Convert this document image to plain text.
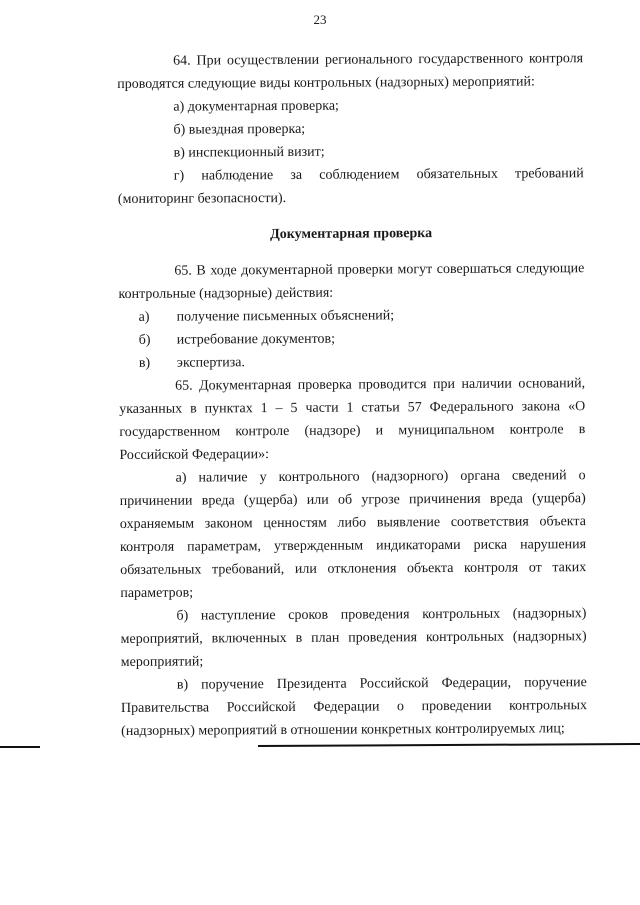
23

64. При осуществлении регионального государственного контроля проводятся следующие виды контрольных (надзорных) мероприятий:

а) документарная проверка;

б) выездная проверка;

в) инспекционный визит;

г) наблюдение за соблюдением обязательных требований (мониторинг безопасности).

Документарная проверка

65. В ходе документарной проверки могут совершаться следующие контрольные (надзорные) действия:

а)	получение письменных объяснений;
б)	истребование документов;
в)	экспертиза.

65. Документарная проверка проводится при наличии оснований, указанных в пунктах 1 – 5 части 1 статьи 57 Федерального закона «О государственном контроле (надзоре) и муниципальном контроле в Российской Федерации»:

а) наличие у контрольного (надзорного) органа сведений о причинении вреда (ущерба) или об угрозе причинения вреда (ущерба) охраняемым законом ценностям либо выявление соответствия объекта контроля параметрам, утвержденным индикаторами риска нарушения обязательных требований, или отклонения объекта контроля от таких параметров;

б) наступление сроков проведения контрольных (надзорных) мероприятий, включенных в план проведения контрольных (надзорных) мероприятий;

в) поручение Президента Российской Федерации, поручение Правительства Российской Федерации о проведении контрольных (надзорных) мероприятий в отношении конкретных контролируемых лиц;
